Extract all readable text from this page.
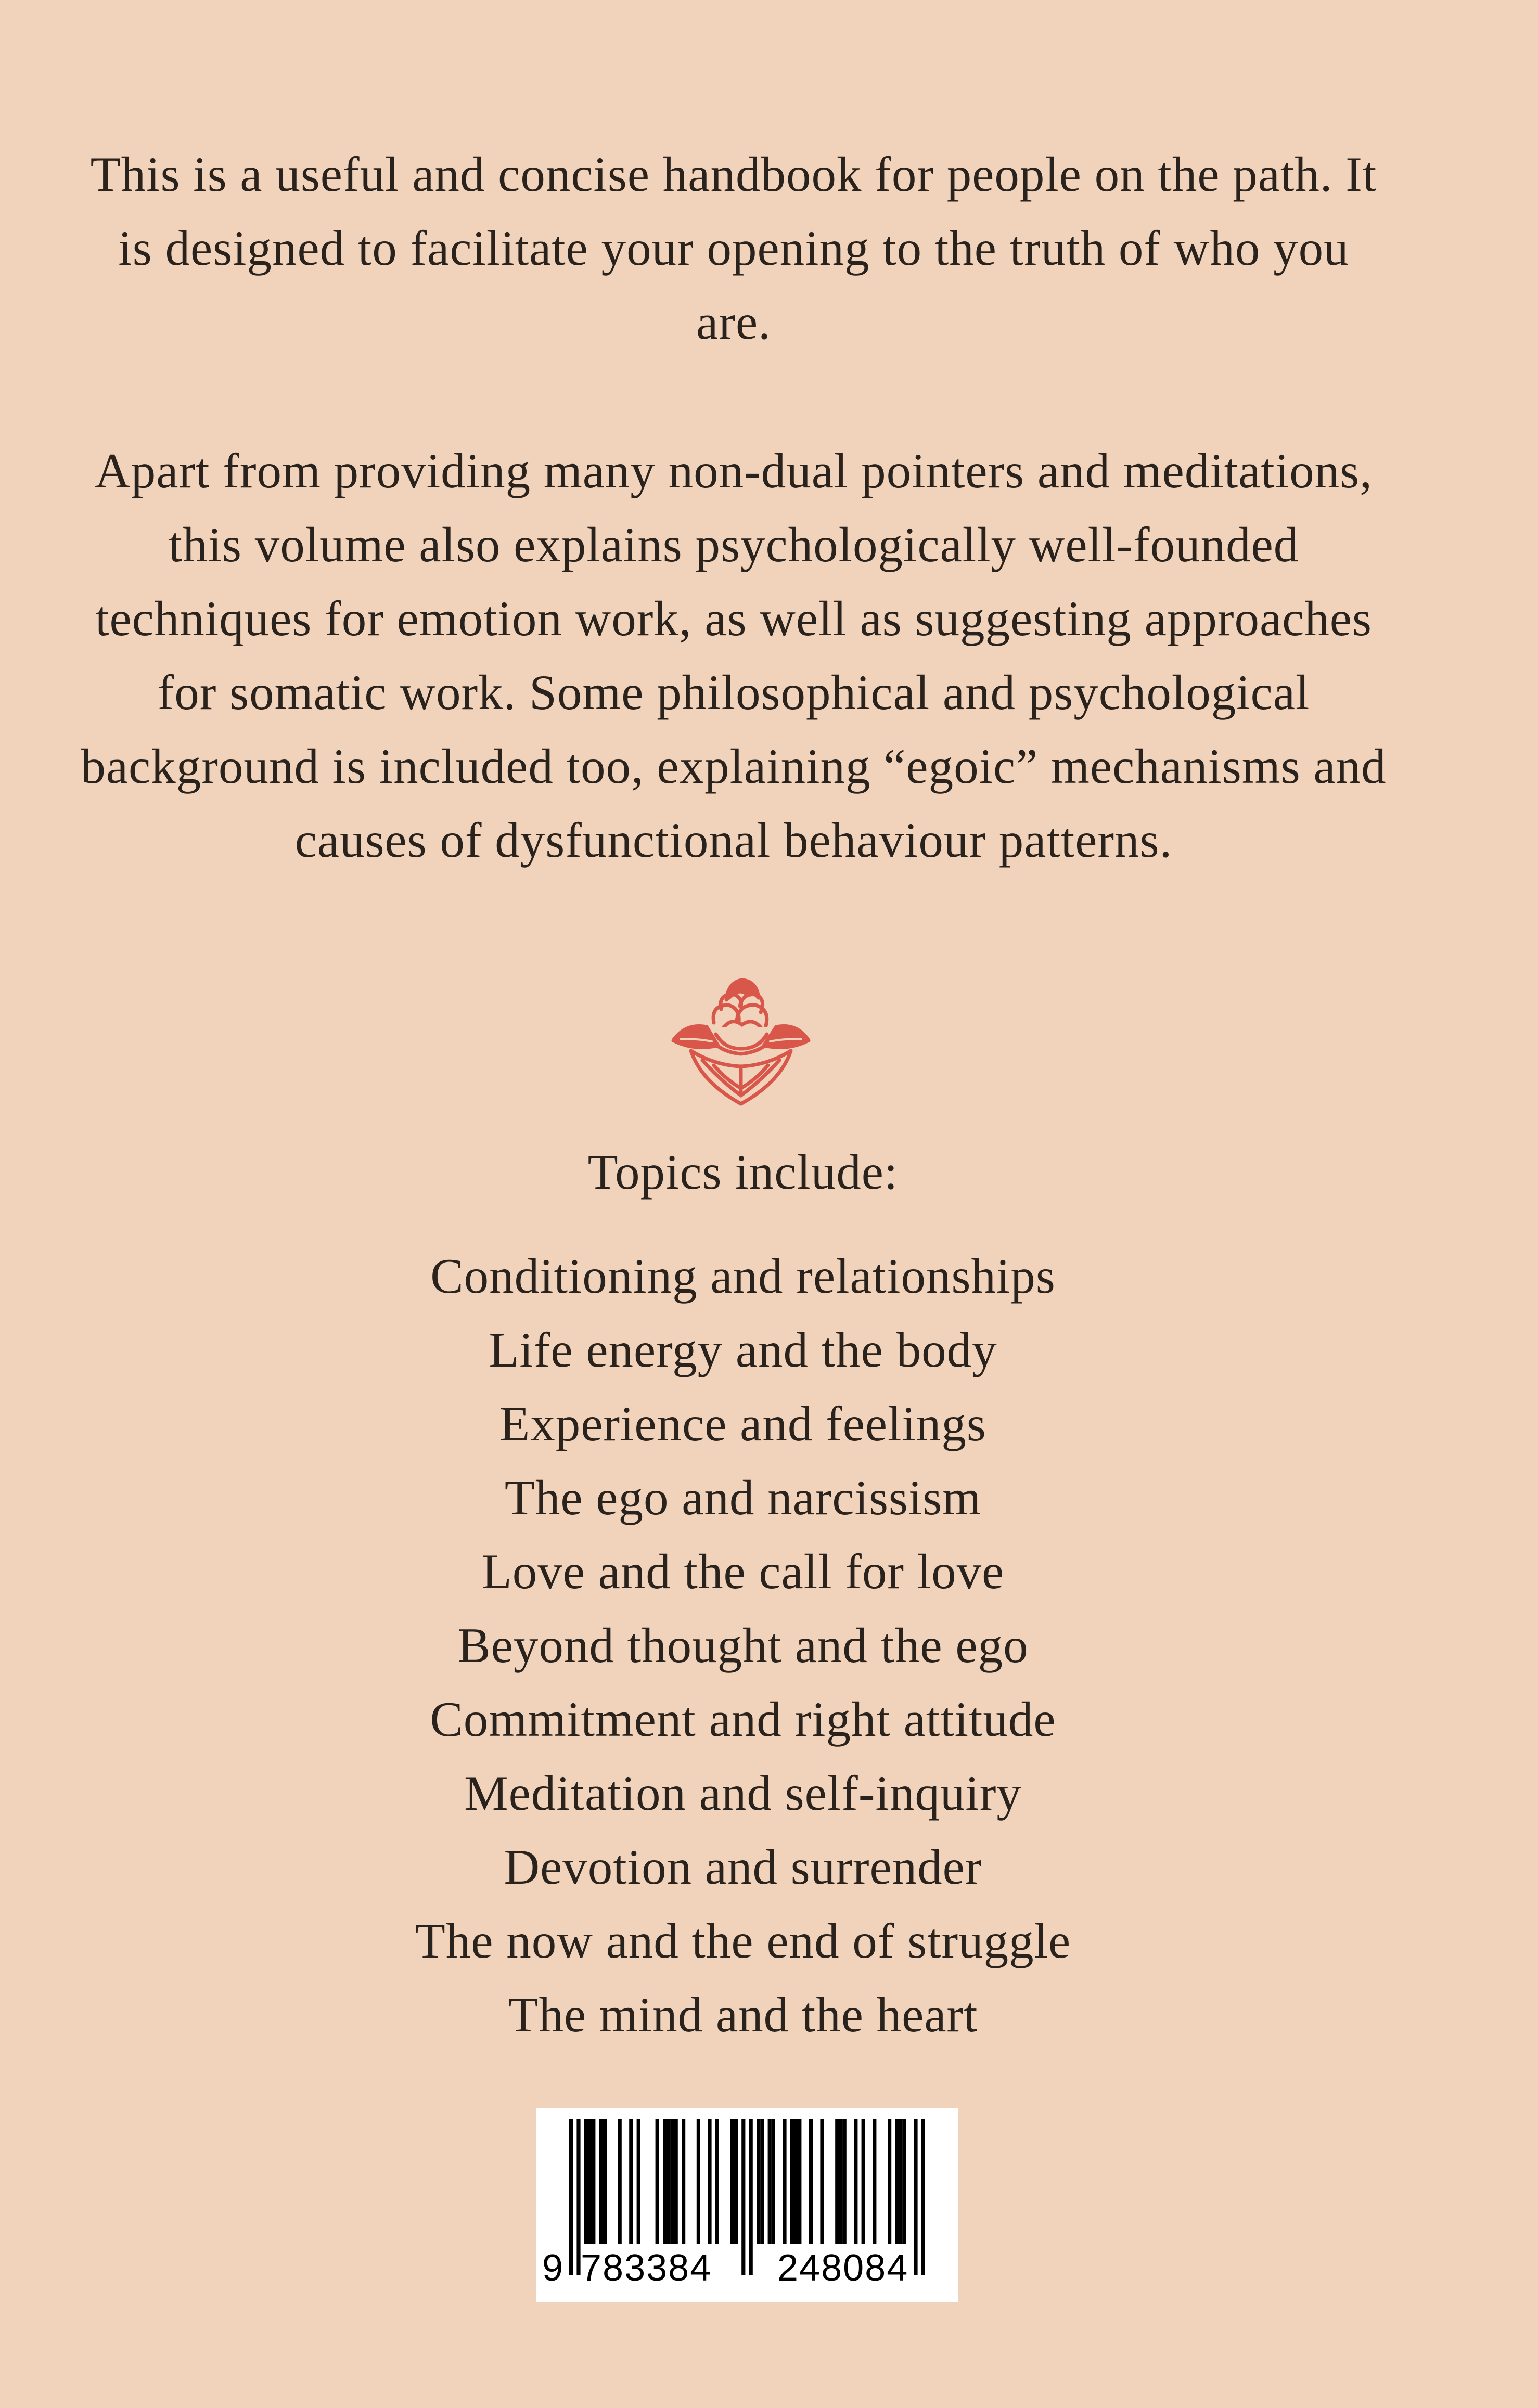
This is a useful and concise handbook for people on the path. It is designed to facilitate your opening to the truth of who you are.

Apart from providing many non-dual pointers and meditations, this volume also explains psychologically well-founded techniques for emotion work, as well as suggesting approaches for somatic work. Some philosophical and psychological background is included too, explaining “egoic” mechanisms and causes of dysfunctional behaviour patterns.

Topics include:

Conditioning and relationships
Life energy and the body
Experience and feelings
The ego and narcissism
Love and the call for love
Beyond thought and the ego
Commitment and right attitude
Meditation and self-inquiry
Devotion and surrender
The now and the end of struggle
The mind and the heart
9 783384 248084
